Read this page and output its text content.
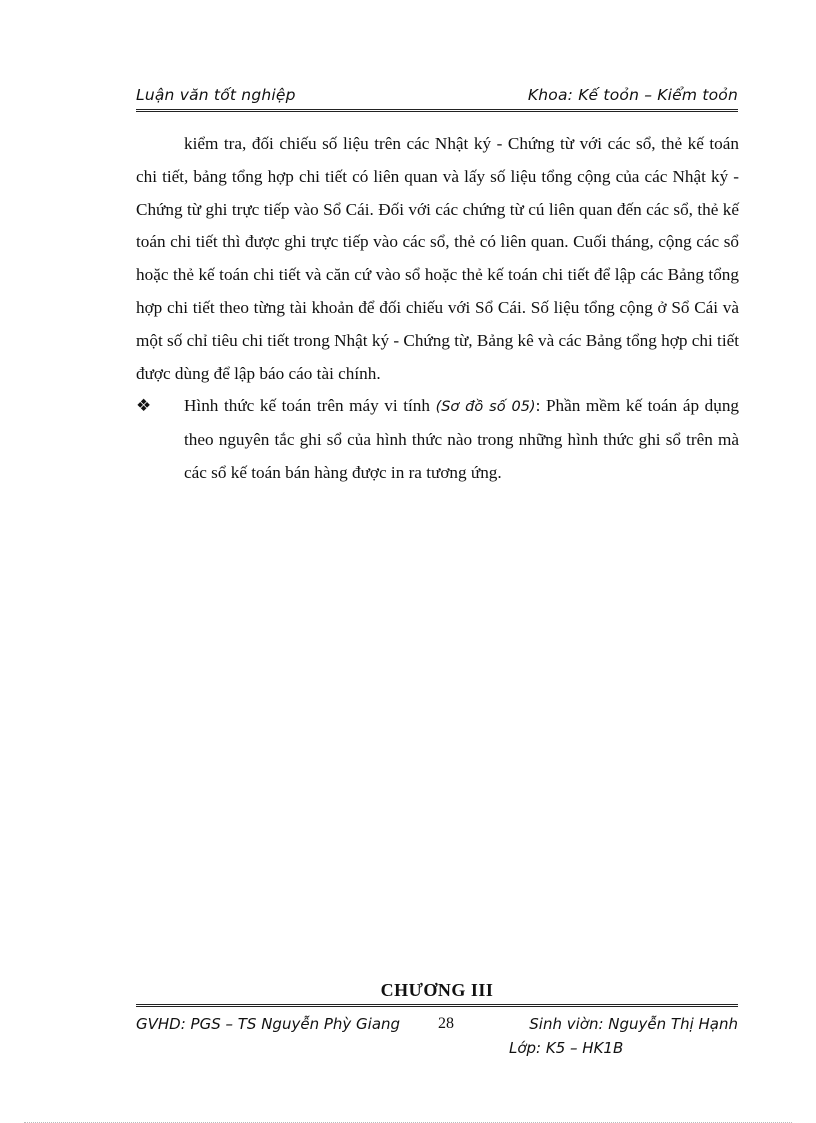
Luận văn tốt nghiệp	Khoa: Kế toỏn – Kiểm toỏn

kiểm tra, đối chiếu số liệu trên các Nhật ký - Chứng từ với các sổ, thẻ kế toán chi tiết, bảng tổng hợp chi tiết có liên quan và lấy số liệu tổng cộng của các Nhật ký - Chứng từ ghi trực tiếp vào Sổ Cái. Đối với các chứng từ cú liên quan đến các sổ, thẻ kế toán chi tiết thì được ghi trực tiếp vào các sổ, thẻ có liên quan. Cuối tháng, cộng các sổ hoặc thẻ kế toán chi tiết và căn cứ vào sổ hoặc thẻ kế toán chi tiết để lập các Bảng tổng hợp chi tiết theo từng tài khoản để đối chiếu với Sổ Cái. Số liệu tổng cộng ở Sổ Cái và một số chỉ tiêu chi tiết trong Nhật ký - Chứng từ, Bảng kê và các Bảng tổng hợp chi tiết được dùng để lập báo cáo tài chính.

❖ Hình thức kế toán trên máy vi tính (Sơ đồ số 05): Phần mềm kế toán áp dụng theo nguyên tắc ghi sổ của hình thức nào trong những hình thức ghi sổ trên mà các sổ kế toán bán hàng được in ra tương ứng.

CHƯƠNG III
GVHD: PGS – TS Nguyễn Phỳ Giang 28	Sinh viờn: Nguyễn Thị Hạnh
Lớp: K5 – HK1B
